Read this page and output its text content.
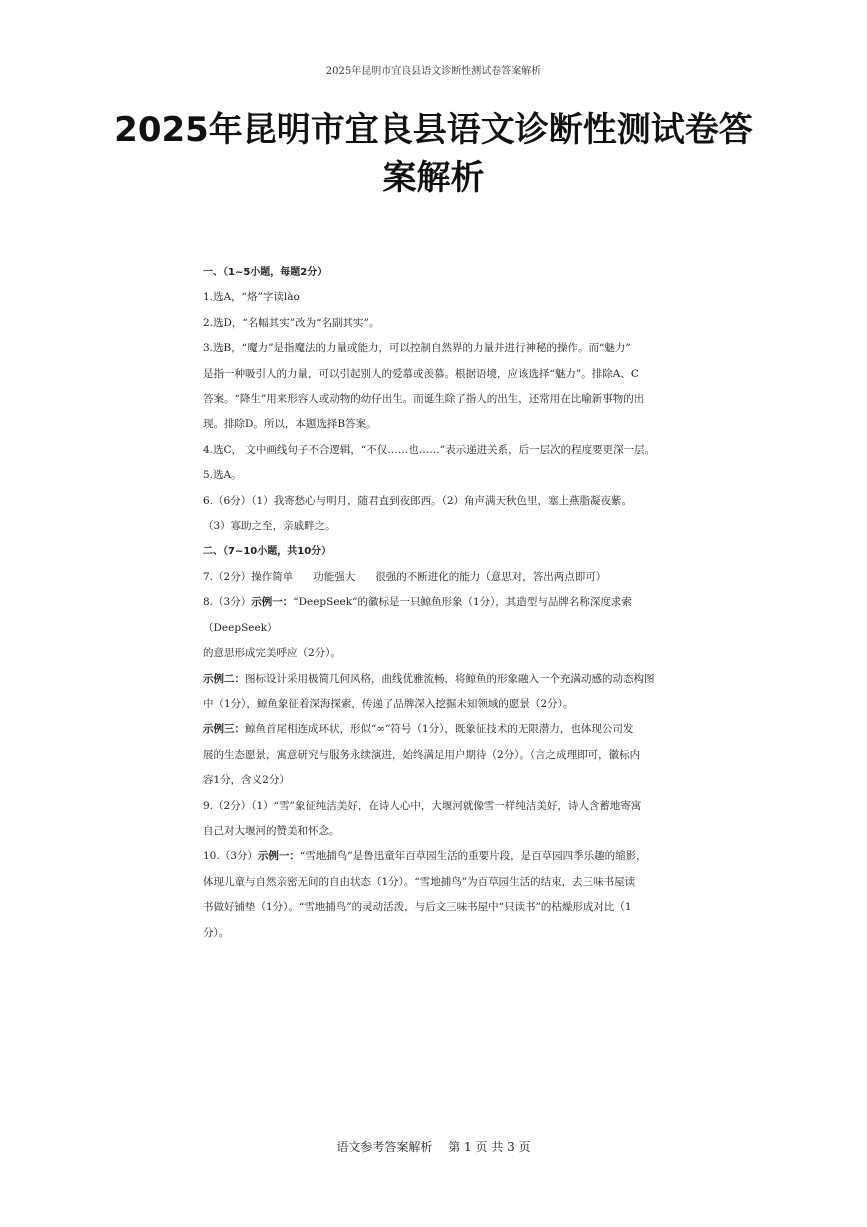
2025年昆明市宜良县语文诊断性测试卷答案解析
2025年昆明市宜良县语文诊断性测试卷答
案解析

一、（1~5小题，每题2分）

1.选A，“烙”字读lào

2.选D，“名幅其实”改为“名副其实”。

3.选B，“魔力”是指魔法的力量或能力，可以控制自然界的力量并进行神秘的操作。而“魅力”

是指一种吸引人的力量，可以引起别人的爱慕或羡慕。根据语境，应该选择“魅力”。排除A、C

答案。“降生”用来形容人或动物的幼仔出生。而诞生除了指人的出生，还常用在比喻新事物的出

现。排除D。所以，本题选择B答案。

4.选C， 文中画线句子不合逻辑，“不仅……也……”表示递进关系，后一层次的程度要更深一层。

5.选A。

6.（6分）（1）我寄愁心与明月，随君直到夜郎西。（2）角声满天秋色里，塞上燕脂凝夜紫。

（3）寡助之至，亲戚畔之。

二、（7~10小题，共10分）

7.（2分）操作简单 功能强大 很强的不断进化的能力（意思对，答出两点即可）

8.（3分）示例一：“DeepSeek”的徽标是一只鲸鱼形象（1分），其造型与品牌名称深度求索（DeepSeek）

的意思形成完美呼应（2分）。

示例二：图标设计采用极简几何风格，曲线优雅流畅，将鲸鱼的形象融入一个充满动感的动态构图

中（1分），鲸鱼象征着深海探索，传递了品牌深入挖掘未知领域的愿景（2分）。

示例三：鲸鱼首尾相连成环状，形似“∞”符号（1分），既象征技术的无限潜力，也体现公司发

展的生态愿景，寓意研究与服务永续演进，始终满足用户期待（2分）。（言之成理即可，徽标内

容1分，含义2分）

9.（2分）（1）“雪”象征纯洁美好，在诗人心中，大堰河就像雪一样纯洁美好，诗人含蓄地寄寓

自己对大堰河的赞美和怀念。

10.（3分）示例一：“雪地捕鸟”是鲁迅童年百草园生活的重要片段，是百草园四季乐趣的缩影，

体现儿童与自然亲密无间的自由状态（1分）。“雪地捕鸟”为百草园生活的结束，去三味书屋读

书做好铺垫（1分）。“雪地捕鸟”的灵动活泼，与后文三味书屋中“只读书”的枯燥形成对比（1

分）。

语文参考答案解析　 第 1 页 共 3 页
